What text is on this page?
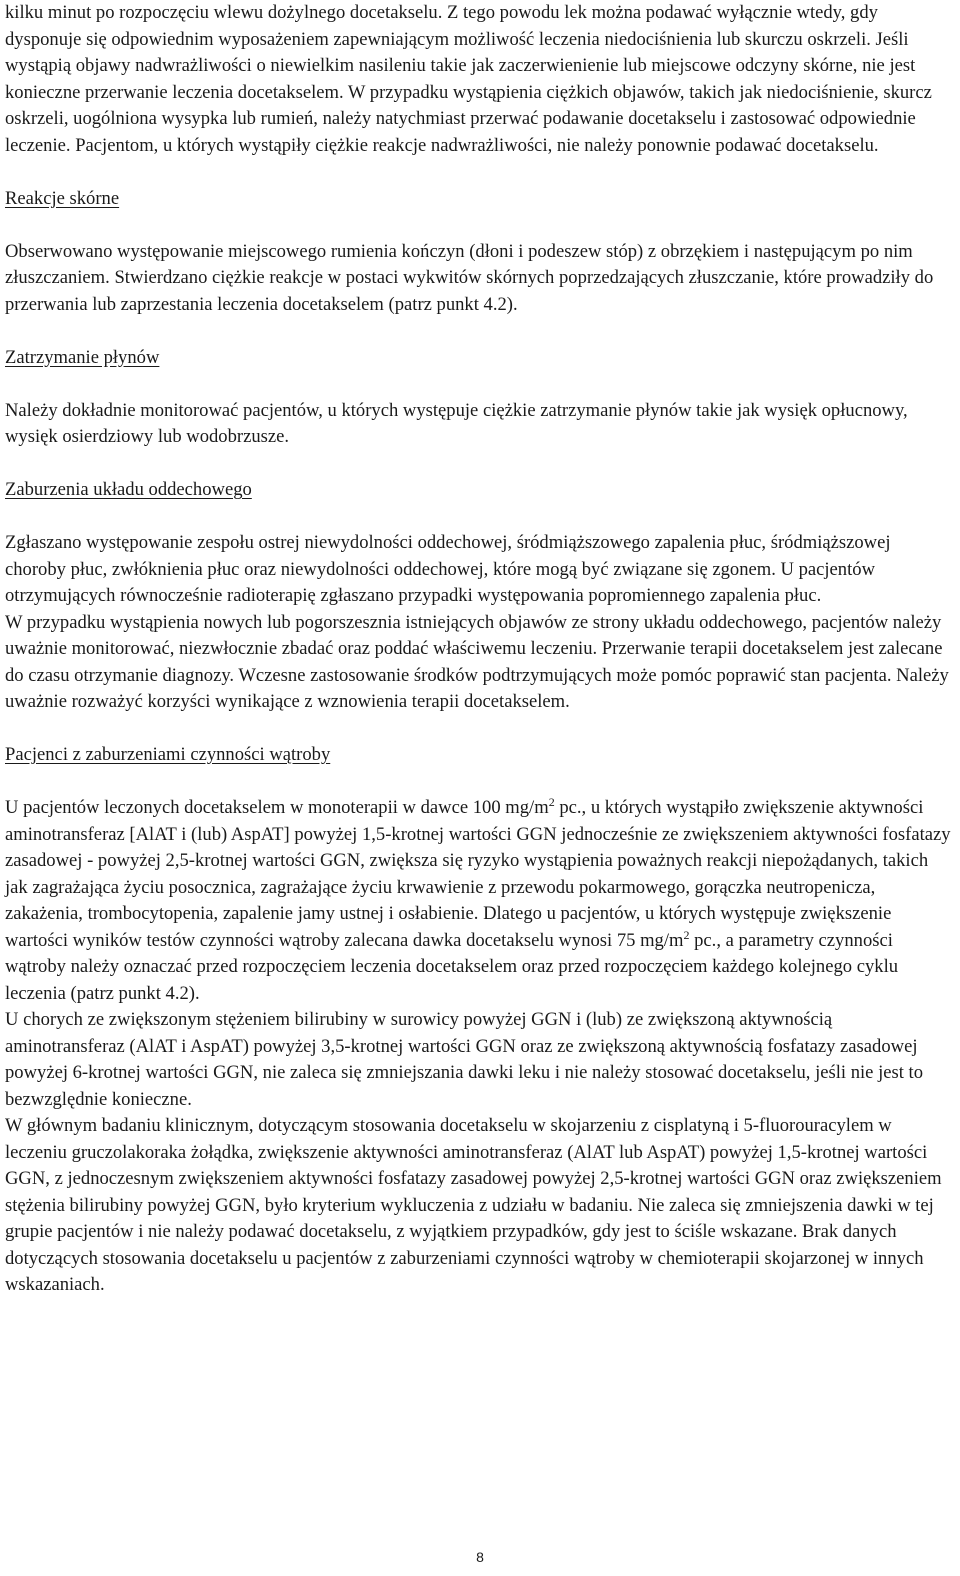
kilku minut po rozpoczęciu wlewu dożylnego docetakselu. Z tego powodu lek można podawać wyłącznie wtedy, gdy dysponuje się odpowiednim wyposażeniem zapewniającym możliwość leczenia niedociśnienia lub skurczu oskrzeli. Jeśli wystąpią objawy nadwrażliwości o niewielkim nasileniu takie jak zaczerwienienie lub miejscowe odczyny skórne, nie jest konieczne przerwanie leczenia docetakselem. W przypadku wystąpienia ciężkich objawów, takich jak niedociśnienie, skurcz oskrzeli, uogólniona wysypka lub rumień, należy natychmiast przerwać podawanie docetakselu i zastosować odpowiednie leczenie. Pacjentom, u których wystąpiły ciężkie reakcje nadwrażliwości, nie należy ponownie podawać docetakselu.

Reakcje skórne

Obserwowano występowanie miejscowego rumienia kończyn (dłoni i podeszew stóp) z obrzękiem i następującym po nim złuszczaniem. Stwierdzano ciężkie reakcje w postaci wykwitów skórnych poprzedzających złuszczanie, które prowadziły do przerwania lub zaprzestania leczenia docetakselem (patrz punkt 4.2).

Zatrzymanie płynów

Należy dokładnie monitorować pacjentów, u których występuje ciężkie zatrzymanie płynów takie jak wysięk opłucnowy, wysięk osierdziowy lub wodobrzusze.

Zaburzenia układu oddechowego

Zgłaszano występowanie zespołu ostrej niewydolności oddechowej, śródmiąższowego zapalenia płuc, śródmiąższowej choroby płuc, zwłóknienia płuc oraz niewydolności oddechowej, które mogą być związane się zgonem. U pacjentów otrzymujących równocześnie radioterapię zgłaszano przypadki występowania popromiennego zapalenia płuc.

W przypadku wystąpienia nowych lub pogorszesznia istniejących objawów ze strony układu oddechowego, pacjentów należy uważnie monitorować, niezwłocznie zbadać oraz poddać właściwemu leczeniu. Przerwanie terapii docetakselem jest zalecane do czasu otrzymanie diagnozy. Wczesne zastosowanie środków podtrzymujących może pomóc poprawić stan pacjenta. Należy uważnie rozważyć korzyści wynikające z wznowienia terapii docetakselem.

Pacjenci z zaburzeniami czynności wątroby

U pacjentów leczonych docetakselem w monoterapii w dawce 100 $mg/m^2$ pc., u których wystąpiło zwiększenie aktywności aminotransferaz [AlAT i (lub) AspAT] powyżej 1,5-krotnej wartości GGN jednocześnie ze zwiększeniem aktywności fosfatazy zasadowej - powyżej 2,5-krotnej wartości GGN, zwiększa się ryzyko wystąpienia poważnych reakcji niepożądanych, takich jak zagrażająca życiu posocznica, zagrażające życiu krwawienie z przewodu pokarmowego, gorączka neutropenicza, zakażenia, trombocytopenia, zapalenie jamy ustnej i osłabienie. Dlatego u pacjentów, u których występuje zwiększenie wartości wyników testów czynności wątroby zalecana dawka docetakselu wynosi 75 $mg/m^2$ pc., a parametry czynności wątroby należy oznaczać przed rozpoczęciem leczenia docetakselem oraz przed rozpoczęciem każdego kolejnego cyklu leczenia (patrz punkt 4.2).

U chorych ze zwiększonym stężeniem bilirubiny w surowicy powyżej GGN i (lub) ze zwiększoną aktywnością aminotransferaz (AlAT i AspAT) powyżej 3,5-krotnej wartości GGN oraz ze zwiększoną aktywnością fosfatazy zasadowej powyżej 6-krotnej wartości GGN, nie zaleca się zmniejszania dawki leku i nie należy stosować docetakselu, jeśli nie jest to bezwzględnie konieczne.

W głównym badaniu klinicznym, dotyczącym stosowania docetakselu w skojarzeniu z cisplatyną i 5-fluorouracylem w leczeniu gruczolakoraka żołądka, zwiększenie aktywności aminotransferaz (AlAT lub AspAT) powyżej 1,5-krotnej wartości GGN, z jednoczesnym zwiększeniem aktywności fosfatazy zasadowej powyżej 2,5-krotnej wartości GGN oraz zwiększeniem stężenia bilirubiny powyżej GGN, było kryterium wykluczenia z udziału w badaniu. Nie zaleca się zmniejszenia dawki w tej grupie pacjentów i nie należy podawać docetakselu, z wyjątkiem przypadków, gdy jest to ściśle wskazane. Brak danych dotyczących stosowania docetakselu u pacjentów z zaburzeniami czynności wątroby w chemioterapii skojarzonej w innych wskazaniach.

8
